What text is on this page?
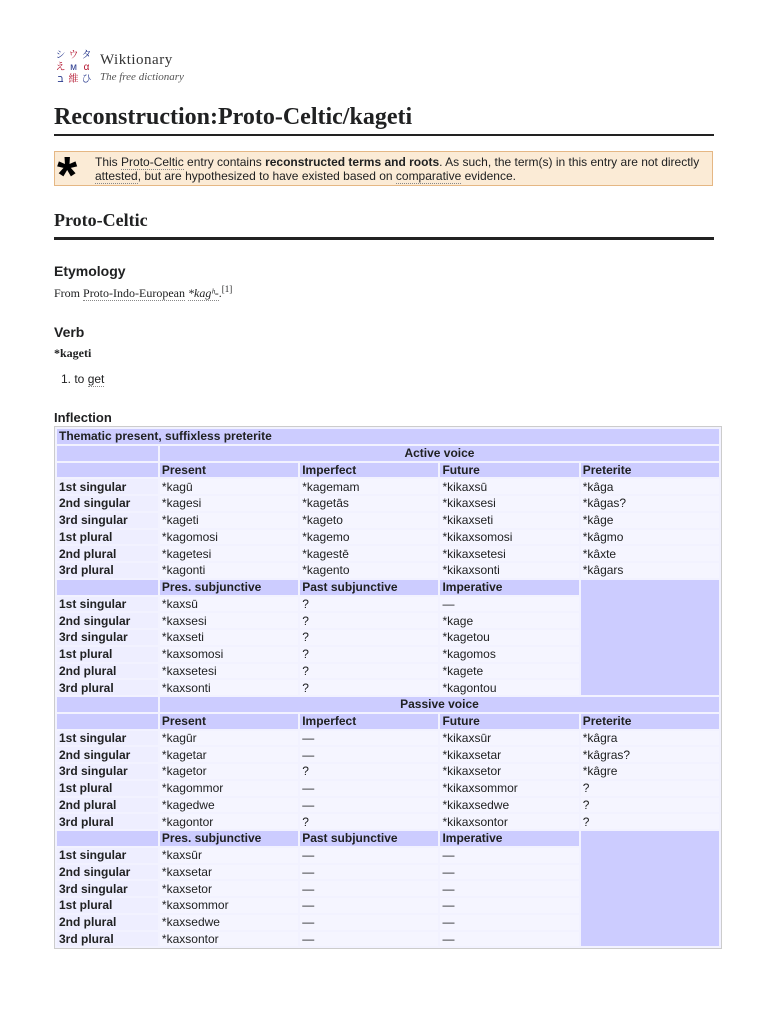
シ ウ タ
え м α
ב 維 ひ
Wiktionary
The free dictionary
Reconstruction:Proto-Celtic/kageti
* This Proto-Celtic entry contains reconstructed terms and roots. As such, the term(s) in this entry are not directly attested, but are hypothesized to have existed based on comparative evidence.
Proto-Celtic
Etymology
From Proto-Indo-European *kagʰ-.[1]
Verb
*kageti
1. to get
Inflection
Thematic present, suffixless preterite				
	Active voice			
	Present	Imperfect	Future	Preterite
1st singular	*kagū	*kagemam	*kikaxsū	*kâga
2nd singular	*kagesi	*kagetās	*kikaxsesi	*kâgas?
3rd singular	*kageti	*kageto	*kikaxseti	*kâge
1st plural	*kagomosi	*kagemo	*kikaxsomosi	*kâgmo
2nd plural	*kagetesi	*kagestē	*kikaxsetesi	*kâxte
3rd plural	*kagonti	*kagento	*kikaxsonti	*kâgars
	Pres. subjunctive	Past subjunctive	Imperative	
1st singular	*kaxsū	?	—	
2nd singular	*kaxsesi	?	*kage	
3rd singular	*kaxseti	?	*kagetou	
1st plural	*kaxsomosi	?	*kagomos	
2nd plural	*kaxsetesi	?	*kagete	
3rd plural	*kaxsonti	?	*kagontou	
	Passive voice			
	Present	Imperfect	Future	Preterite
1st singular	*kagūr	—	*kikaxsūr	*kâgra
2nd singular	*kagetar	—	*kikaxsetar	*kâgras?
3rd singular	*kagetor	?	*kikaxsetor	*kâgre
1st plural	*kagommor	—	*kikaxsommor	?
2nd plural	*kagedwe	—	*kikaxsedwe	?
3rd plural	*kagontor	?	*kikaxsontor	?
	Pres. subjunctive	Past subjunctive	Imperative	
1st singular	*kaxsūr	—	—	
2nd singular	*kaxsetar	—	—	
3rd singular	*kaxsetor	—	—	
1st plural	*kaxsommor	—	—	
2nd plural	*kaxsedwe	—	—	
3rd plural	*kaxsontor	—	—	
